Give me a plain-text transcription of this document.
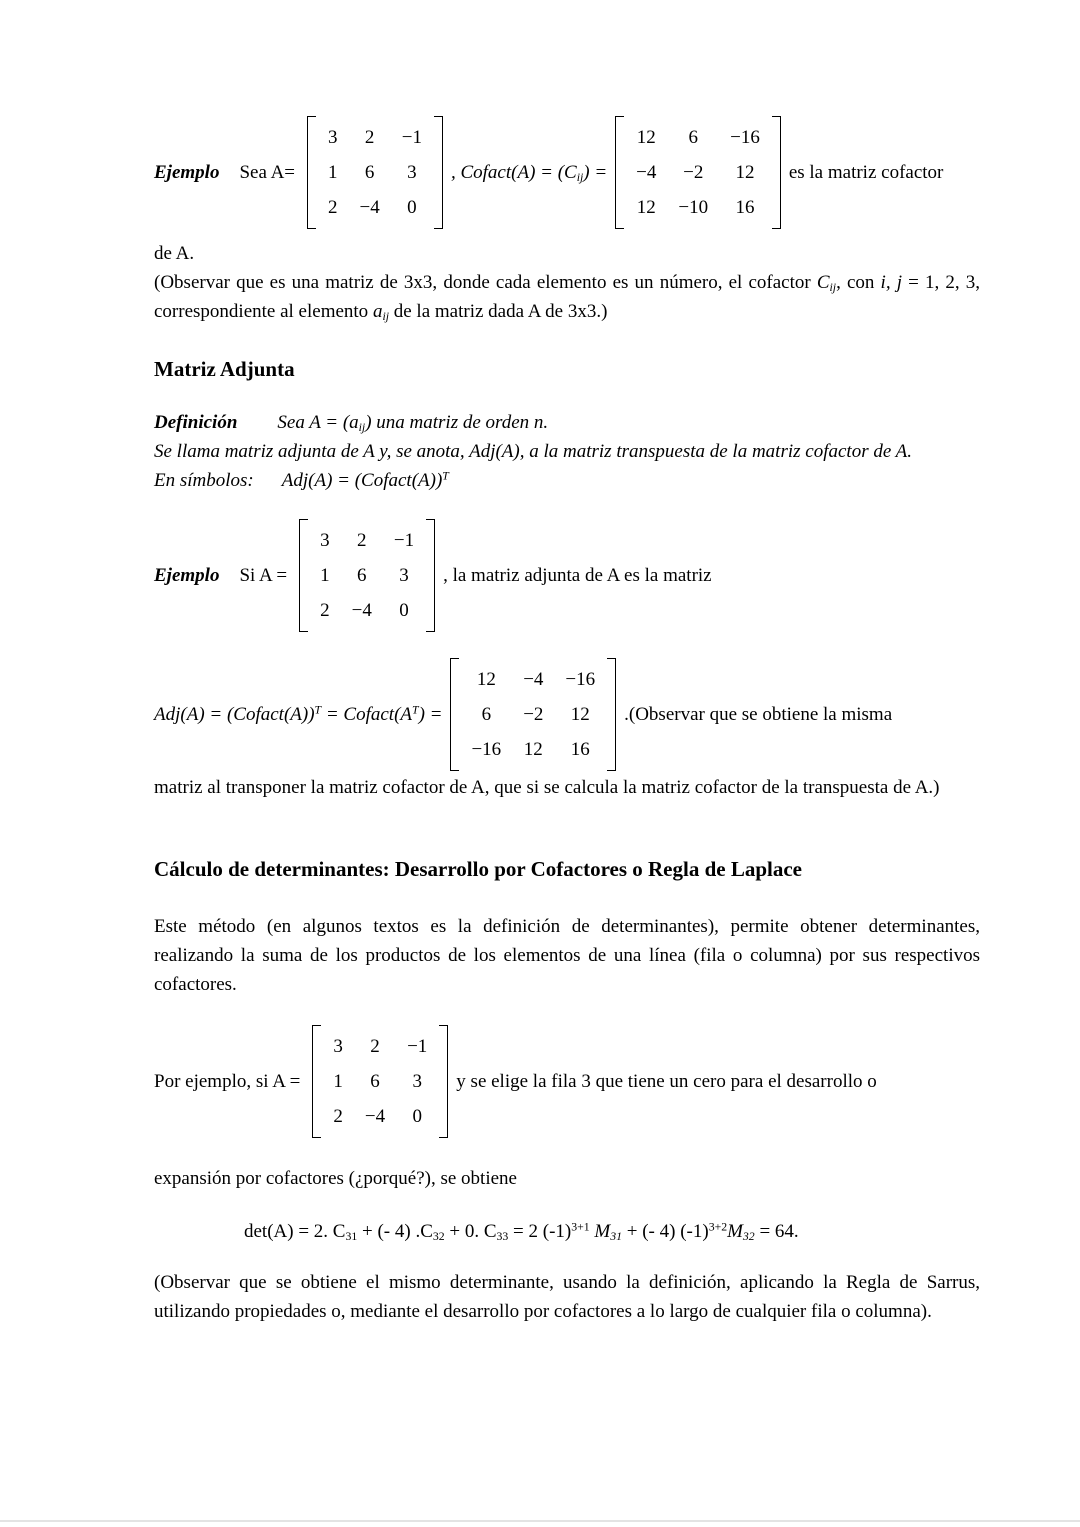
Ejemplo Sea A=
3	2	−1
1	6	3
2	−4	0
, Cofact(A) = $(C_{ij})$ =
12	6	−16
−4	−2	12
12	−10	16
es la matriz cofactor
de A.

(Observar que es una matriz de 3x3, donde cada elemento es un número, el cofactor $C_{ij}$, con i, j = 1, 2, 3, correspondiente al elemento $a_{ij}$ de la matriz dada A de 3x3.)

Matriz Adjunta
Definición Sea $A = (a_{ij})$ una matriz de orden n.

Se llama matriz adjunta de A y, se anota, Adj(A), a la matriz transpuesta de la matriz cofactor de A.

En símbolos: Adj(A) = (Cofact(A))$^T$
Ejemplo Si A =
3	2	−1
1	6	3
2	−4	0
, la matriz adjunta de A es la matriz
Adj(A) = (Cofact(A))$^T$ = $Cofact(A^T)$ =
12	−4	−16
6	−2	12
−16	12	16
.(Observar que se obtiene la misma

matriz al transponer la matriz cofactor de A, que si se calcula la matriz cofactor de la transpuesta de A.)

Cálculo de determinantes: Desarrollo por Cofactores o Regla de Laplace

Este método (en algunos textos es la definición de determinantes), permite obtener determinantes, realizando la suma de los productos de los elementos de una línea (fila o columna) por sus respectivos cofactores.

Por ejemplo, si A =
3	2	−1
1	6	3
2	−4	0
y se elige la fila 3 que tiene un cero para el desarrollo o

expansión por cofactores (¿porqué?), se obtiene

det(A) = 2. $C_{31}$ + (- 4) $.C_{32} + 0$. $C_{33} = 2$ $(-1)^{3+1}$ $M_{31}$ + (- 4) $(-1)^{3+2}M_{32} = 64$.

(Observar que se obtiene el mismo determinante, usando la definición, aplicando la Regla de Sarrus, utilizando propiedades o, mediante el desarrollo por cofactores a lo largo de cualquier fila o columna).
